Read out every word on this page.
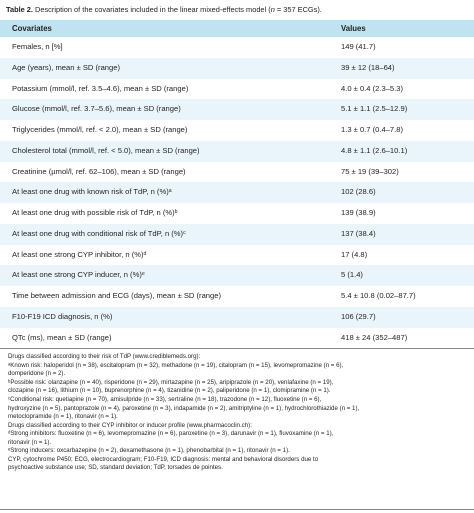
Table 2. Description of the covariates included in the linear mixed-effects model (n = 357 ECGs).
Covariates	Values
Females, n [%]	149 (41.7)
Age (years), mean ± SD (range)	39 ± 12 (18–64)
Potassium (mmol/l, ref. 3.5–4.6), mean ± SD (range)	4.0 ± 0.4 (2.3–5.3)
Glucose (mmol/l, ref. 3.7–5.6), mean ± SD (range)	5.1 ± 1.1 (2.5–12.9)
Triglycerides (mmol/l, ref. < 2.0), mean ± SD (range)	1.3 ± 0.7 (0.4–7.8)
Cholesterol total (mmol/l, ref. < 5.0), mean ± SD (range)	4.8 ± 1.1 (2.6–10.1)
Creatinine (µmol/l, ref. 62–106), mean ± SD (range)	75 ± 19 (39–302)
At least one drug with known risk of TdP, n (%)ᵃ	102 (28.6)
At least one drug with possible risk of TdP, n (%)ᵇ	139 (38.9)
At least one drug with conditional risk of TdP, n (%)ᶜ	137 (38.4)
At least one strong CYP inhibitor, n (%)ᵈ	17 (4.8)
At least one strong CYP inducer, n (%)ᵉ	5 (1.4)
Time between admission and ECG (days), mean ± SD (range)	5.4 ± 10.8 (0.02–87.7)
F10-F19 ICD diagnosis, n (%)	106 (29.7)
QTc (ms), mean ± SD (range)	418 ± 24 (352–487)
Drugs classified according to their risk of TdP (www.crediblemeds.org):
ᵃKnown risk: haloperidol (n = 38), escitalopram (n = 32), methadone (n = 19), citalopram (n = 15), levomepromazine (n = 6),
domperidone (n = 2).
ᵇPossible risk: olanzapine (n = 40), risperidone (n = 29), mirtazapine (n = 25), aripiprazole (n = 20), venlafaxine (n = 19),
clozapine (n = 16), lithium (n = 10), buprenorphine (n = 4), tizanidine (n = 2), paliperidone (n = 1), clomipramine (n = 1).
ᶜConditional risk: quetiapine (n = 70), amisulpride (n = 33), sertraline (n = 18), trazodone (n = 12), fluoxetine (n = 6),
hydroxyzine (n = 5), pantoprazole (n = 4), paroxetine (n = 3), indapamide (n = 2), amitriptyline (n = 1), hydrochlorothiazide (n = 1),
metoclopramide (n = 1), ritonavir (n = 1).
Drugs classified according to their CYP inhibitor or inducer profile (www.pharmacoclin.ch):
ᵈStrong inhibitors: fluoxetine (n = 6), levomepromazine (n = 6), paroxetine (n = 3), darunavir (n = 1), fluvoxamine (n = 1),
ritonavir (n = 1).
ᵉStrong inducers: oxcarbazepine (n = 2), dexamethasone (n = 1), phenobarbital (n = 1), ritonavir (n = 1).
CYP, cytochrome P450; ECG, electrocardiogram; F10-F19, ICD diagnosis: mental and behavioral disorders due to
psychoactive substance use; SD, standard deviation; TdP, torsades de pointes.
